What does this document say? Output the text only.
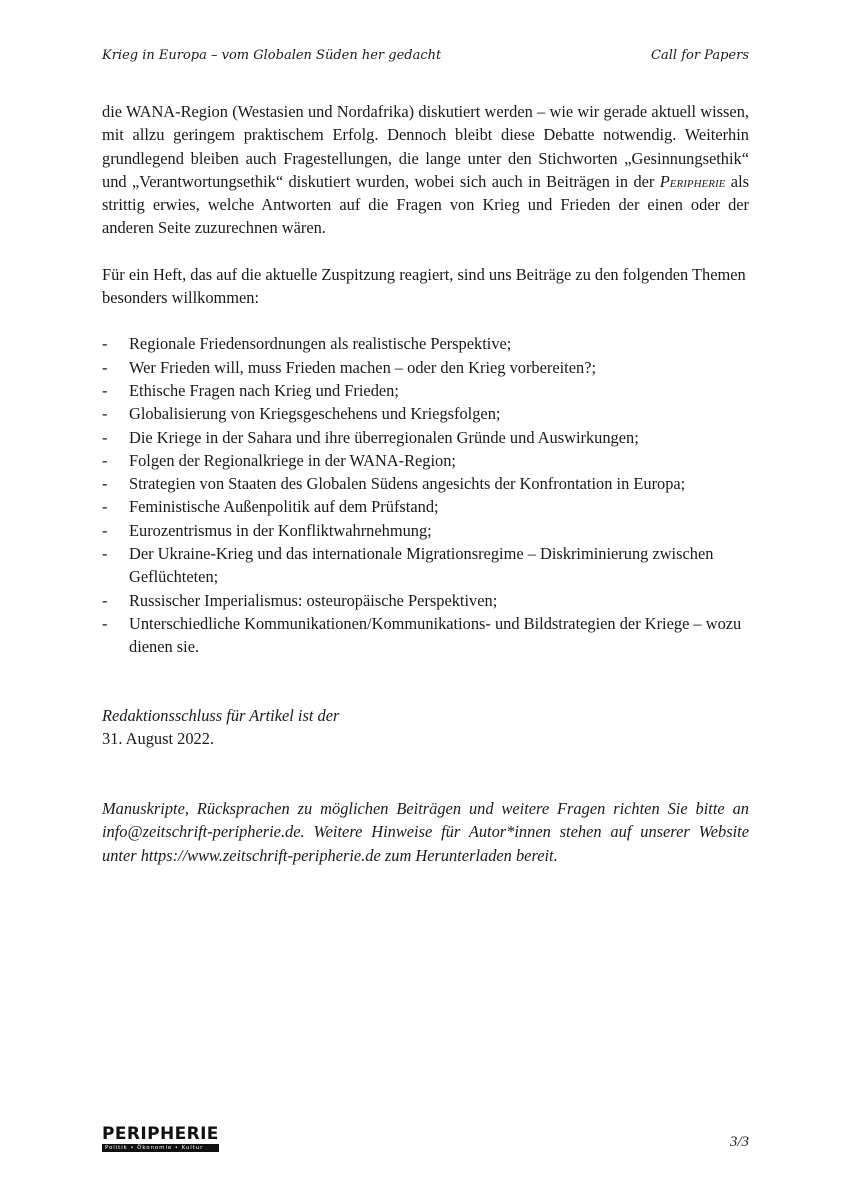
Krieg in Europa – vom Globalen Süden her gedacht	Call for Papers

die WANA-Region (Westasien und Nordafrika) diskutiert werden – wie wir gerade aktuell wissen, mit allzu geringem praktischem Erfolg. Dennoch bleibt diese Debatte notwendig. Weiterhin grundlegend bleiben auch Fragestellungen, die lange unter den Stichworten „Gesinnungsethik“ und „Verantwortungsethik“ diskutiert wurden, wobei sich auch in Beiträgen in der Peripherie als strittig erwies, welche Antworten auf die Fragen von Krieg und Frieden der einen oder der anderen Seite zuzurechnen wären.

Für ein Heft, das auf die aktuelle Zuspitzung reagiert, sind uns Beiträge zu den folgenden Themen besonders willkommen:

- Regionale Friedensordnungen als realistische Perspektive;
- Wer Frieden will, muss Frieden machen – oder den Krieg vorbereiten?;
- Ethische Fragen nach Krieg und Frieden;
- Globalisierung von Kriegsgeschehens und Kriegsfolgen;
- Die Kriege in der Sahara und ihre überregionalen Gründe und Auswirkungen;
- Folgen der Regionalkriege in der WANA-Region;
- Strategien von Staaten des Globalen Südens angesichts der Konfrontation in Europa;
- Feministische Außenpolitik auf dem Prüfstand;
- Eurozentrismus in der Konfliktwahrnehmung;
- Der Ukraine-Krieg und das internationale Migrationsregime – Diskriminierung zwischen Geflüchteten;
- Russischer Imperialismus: osteuropäische Perspektiven;
- Unterschiedliche Kommunikationen/Kommunikations- und Bildstrategien der Kriege – wozu dienen sie.
Redaktionsschluss für Artikel ist der
31. August 2022.

Manuskripte, Rücksprachen zu möglichen Beiträgen und weitere Fragen richten Sie bitte an info@zeitschrift-peripherie.de. Weitere Hinweise für Autor*innen stehen auf unserer Website unter https://www.zeitschrift-peripherie.de zum Herunterladen bereit.

PERIPHERIE
Politik • Ökonomie • Kultur	3/3
